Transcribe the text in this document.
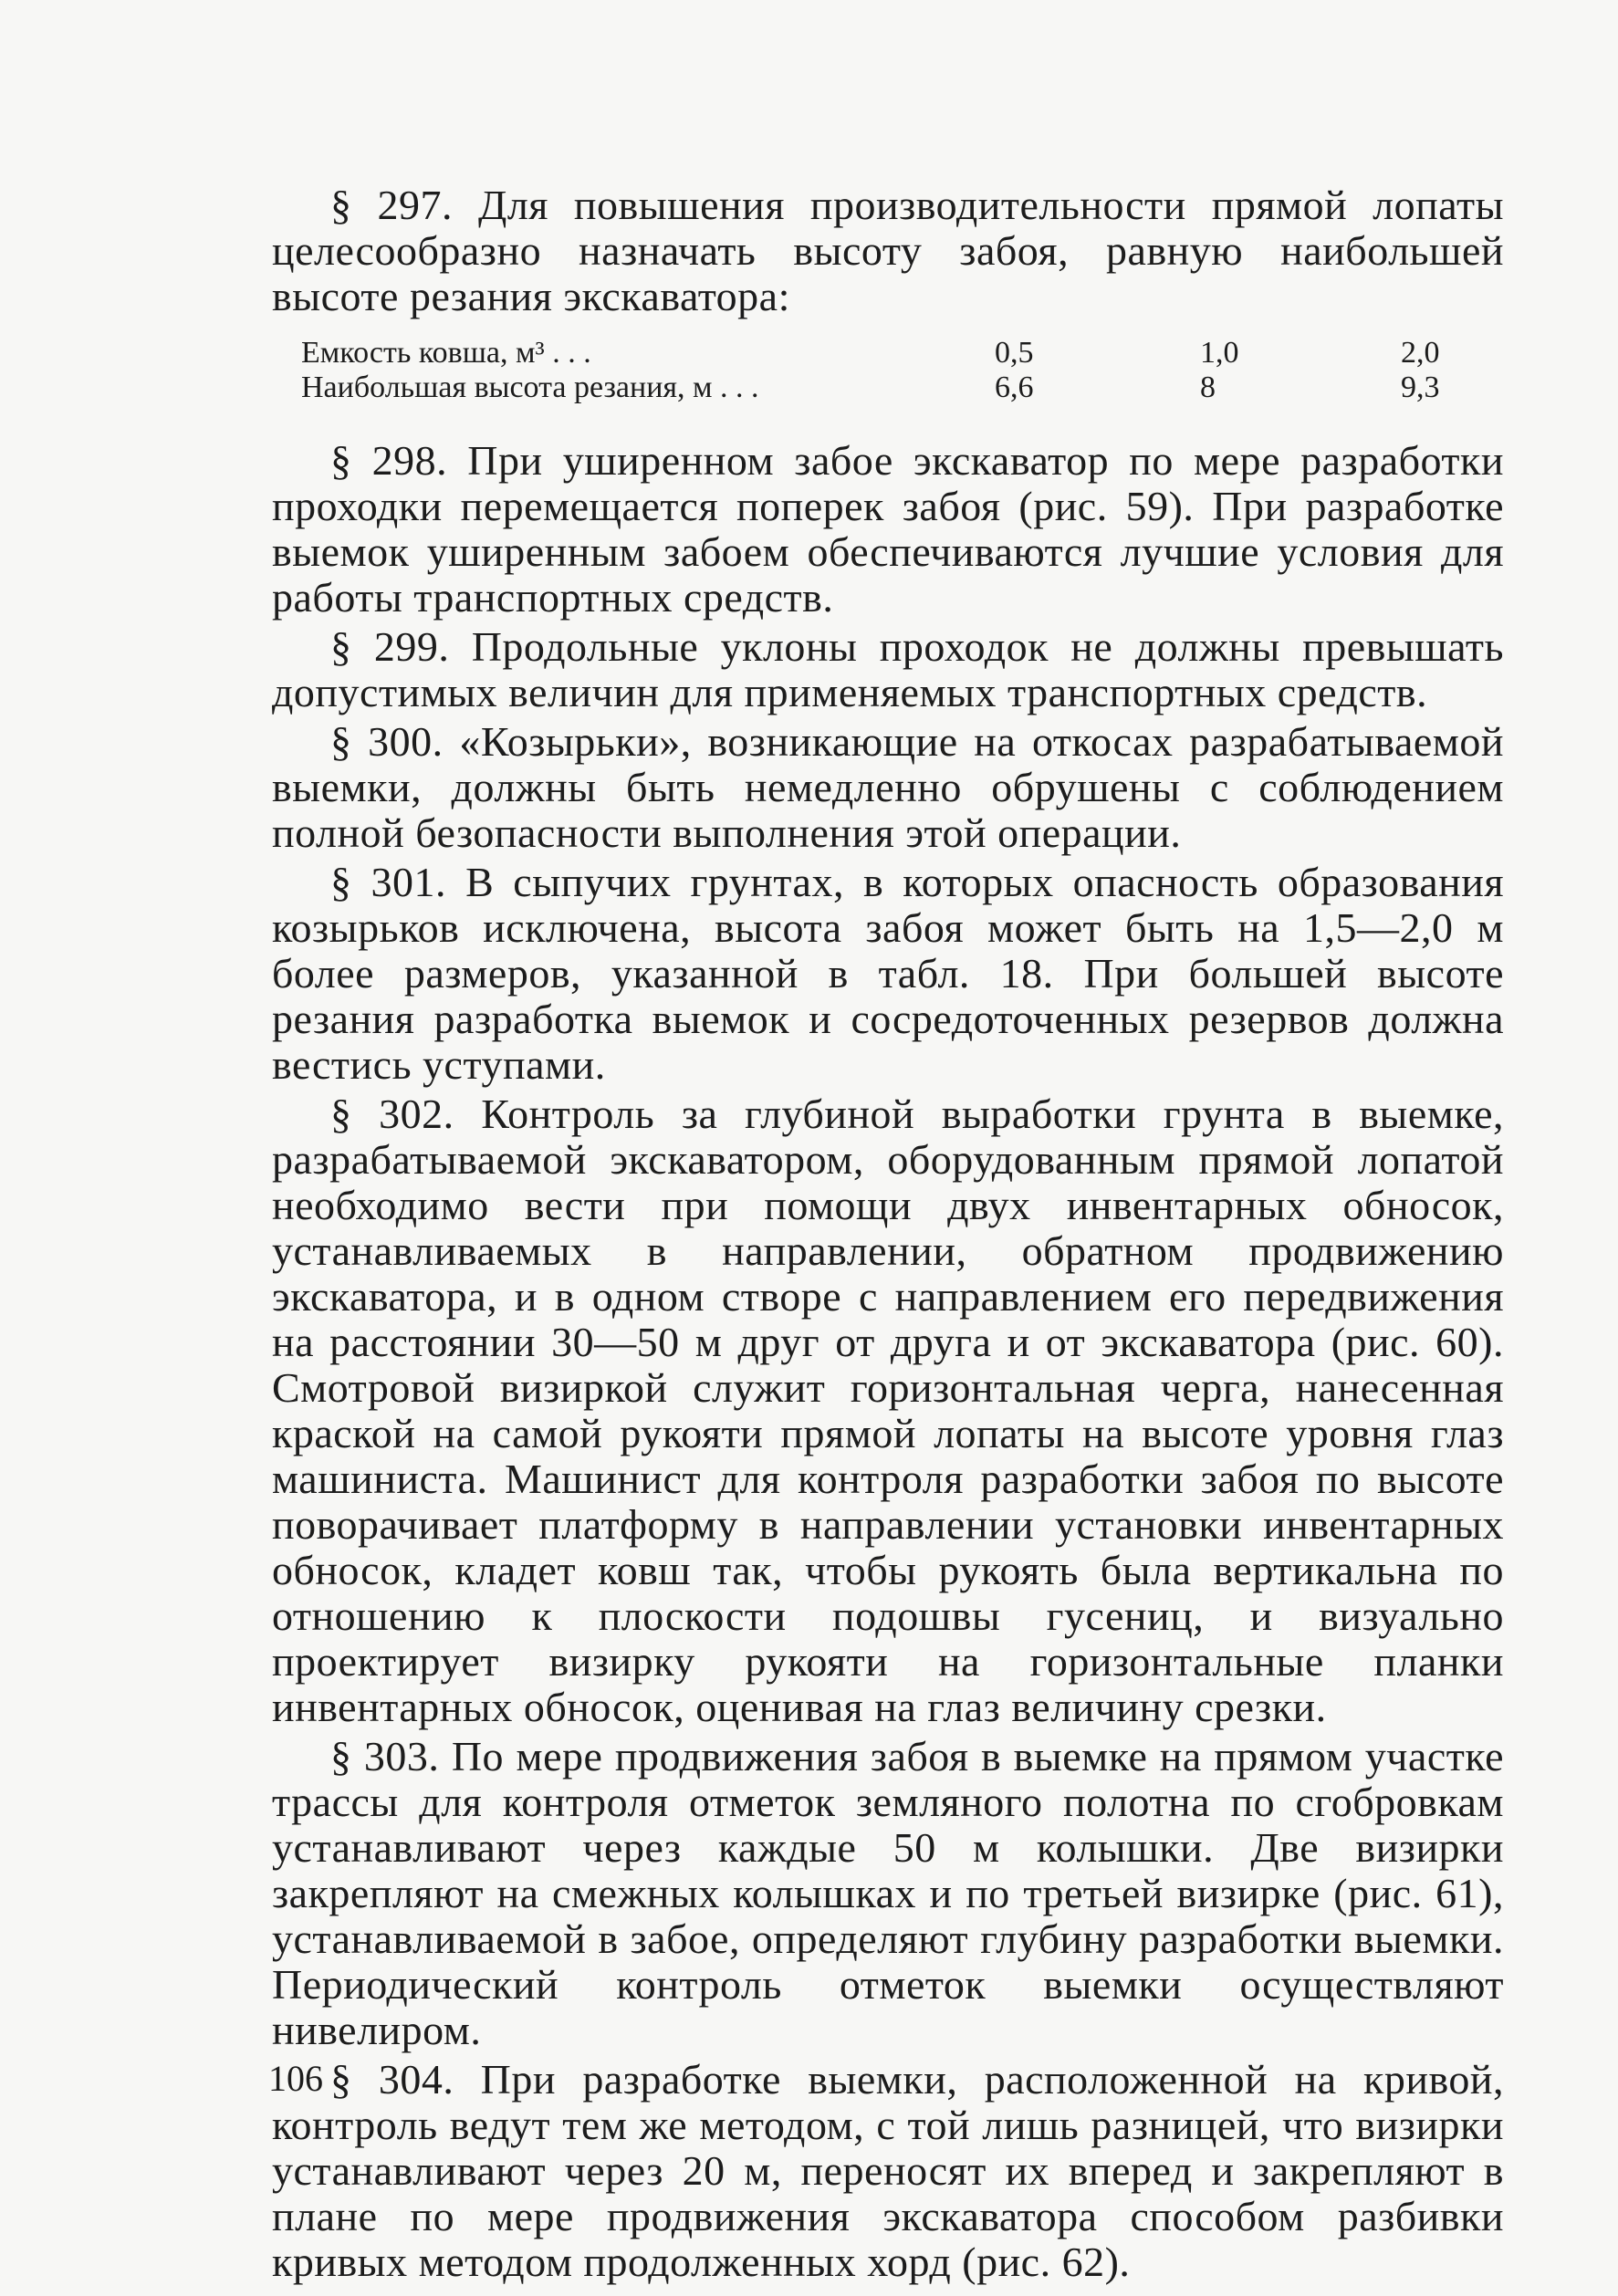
§ 297. Для повышения производительности прямой лопаты целесообразно назначать высоту забоя, равную наибольшей высоте резания экскаватора:

Емкость ковша, м³ . . .	0,5	1,0	2,0
Наибольшая высота резания, м . . .	6,6	8	9,3

§ 298. При уширенном забое экскаватор по мере разработки проходки перемещается поперек забоя (рис. 59). При разработке выемок уширенным забоем обеспечиваются лучшие условия для работы транспортных средств.

§ 299. Продольные уклоны проходок не должны превышать допустимых величин для применяемых транспортных средств.

§ 300. «Козырьки», возникающие на откосах разрабатываемой выемки, должны быть немедленно обрушены с соблюдением полной безопасности выполнения этой операции.

§ 301. В сыпучих грунтах, в которых опасность образования козырьков исключена, высота забоя может быть на 1,5—2,0 м более размеров, указанной в табл. 18. При большей высоте резания разработка выемок и сосредоточенных резервов должна вестись уступами.

§ 302. Контроль за глубиной выработки грунта в выемке, разрабатываемой экскаватором, оборудованным прямой лопатой необходимо вести при помощи двух инвентарных обносок, устанавливаемых в направлении, обратном продвижению экскаватора, и в одном створе с направлением его передвижения на расстоянии 30—50 м друг от друга и от экскаватора (рис. 60). Смотровой визиркой служит горизонтальная черга, нанесенная краской на самой рукояти прямой лопаты на высоте уровня глаз машиниста. Машинист для контроля разработки забоя по высоте поворачивает платформу в направлении установки инвентарных обносок, кладет ковш так, чтобы рукоять была вертикальна по отношению к плоскости подошвы гусениц, и визуально проектирует визирку рукояти на горизонтальные планки инвентарных обносок, оценивая на глаз величину срезки.

§ 303. По мере продвижения забоя в выемке на прямом участке трассы для контроля отметок земляного полотна по сгобровкам устанавливают через каждые 50 м колышки. Две визирки закрепляют на смежных колышках и по третьей визирке (рис. 61), устанавливаемой в забое, определяют глубину разработки выемки. Периодический контроль отметок выемки осуществляют нивелиром.

§ 304. При разработке выемки, расположенной на кривой, контроль ведут тем же методом, с той лишь разницей, что визирки устанавливают через 20 м, переносят их вперед и закрепляют в плане по мере продвижения экскаватора способом разбивки кривых методом продолженных хорд (рис. 62).

106
